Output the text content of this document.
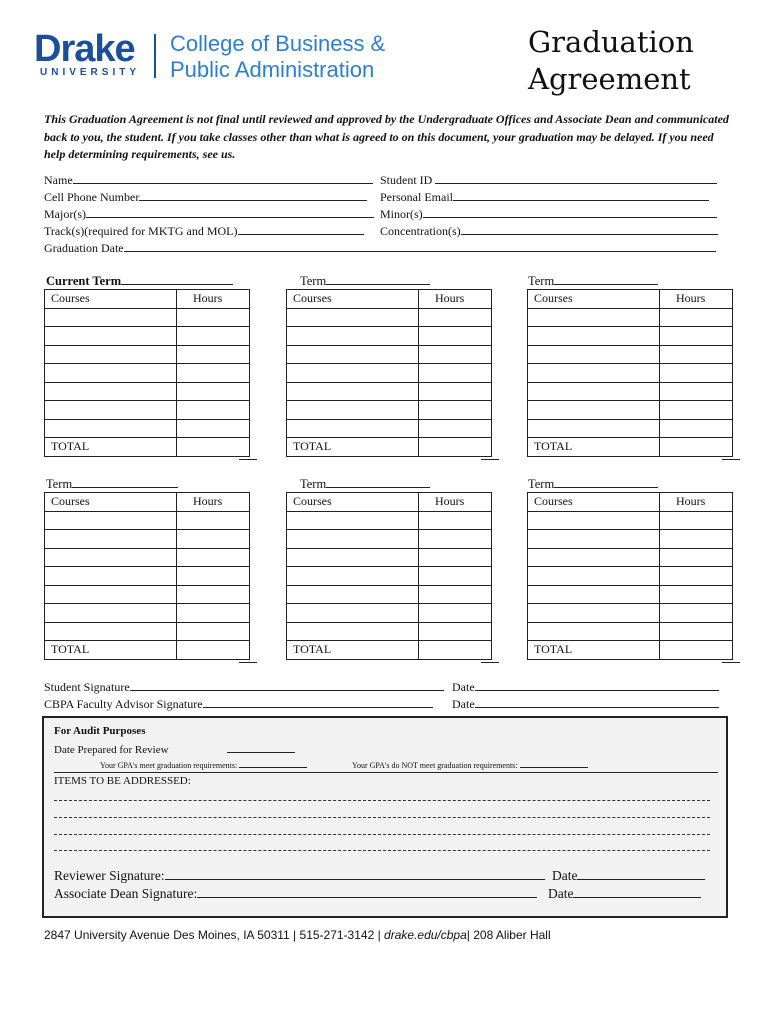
Drake
UNIVERSITY
College of Business &
Public Administration
Graduation
Agreement
This Graduation Agreement is not final until reviewed and approved by the Undergraduate Offices and Associate Dean and communicated back to you, the student. If you take classes other than what is agreed to on this document, your graduation may be delayed. If you need help determining requirements, see us.
Name	Student ID
Cell Phone Number	Personal Email
Major(s)	Minor(s)
Track(s)(required for MKTG and MOL)	Concentration(s)
Graduation Date
Current Term	Term	Term
Term	Term	Term
Courses	Hours

TOTAL	
Courses	Hours

TOTAL	
Courses	Hours

TOTAL	
Courses	Hours

TOTAL	
Courses	Hours

TOTAL	
Courses	Hours

TOTAL	
Student Signature	Date
CBPA Faculty Advisor Signature	Date
For Audit Purposes
Date Prepared for Review
Your GPA's meet graduation requirements:	Your GPA's do NOT meet graduation requirements:
ITEMS TO BE ADDRESSED:
Reviewer Signature:	Date
Associate Dean Signature:	Date
2847 University Avenue Des Moines, IA 50311 | 515-271-3142 | drake.edu/cbpa| 208 Aliber Hall
